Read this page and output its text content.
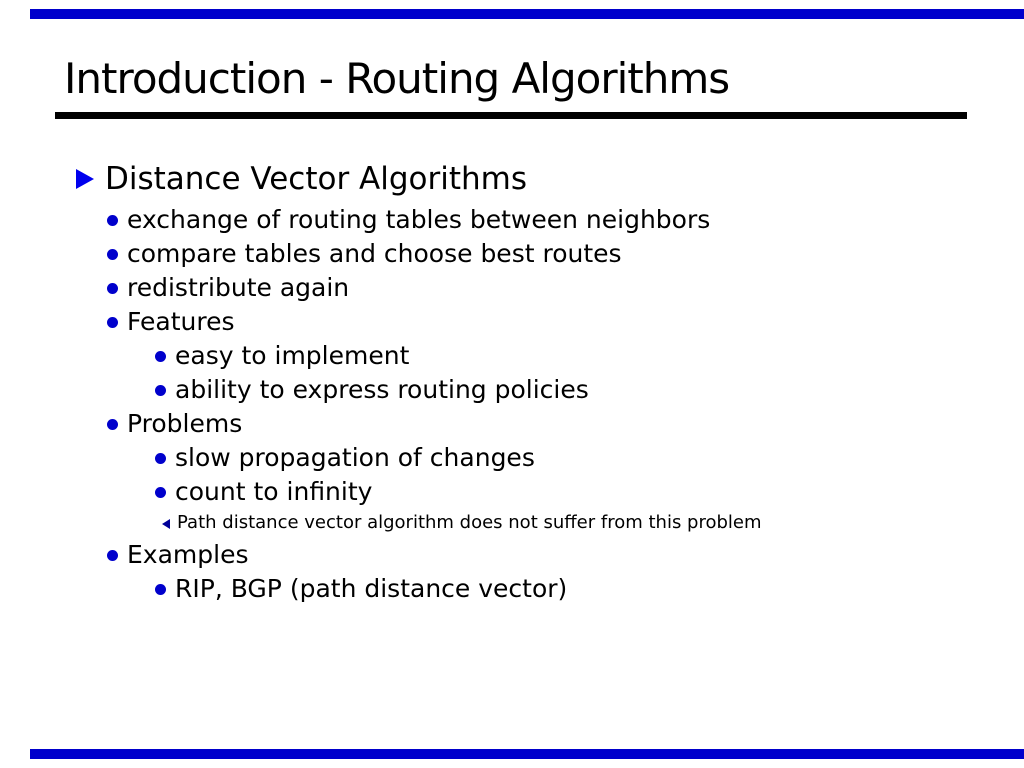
Introduction - Routing Algorithms
Distance Vector Algorithms
exchange of routing tables between neighbors
compare tables and choose best routes
redistribute again
Features
easy to implement
ability to express routing policies
Problems
slow propagation of changes
count to infinity
Path distance vector algorithm does not suffer from this problem
Examples
RIP, BGP (path distance vector)
